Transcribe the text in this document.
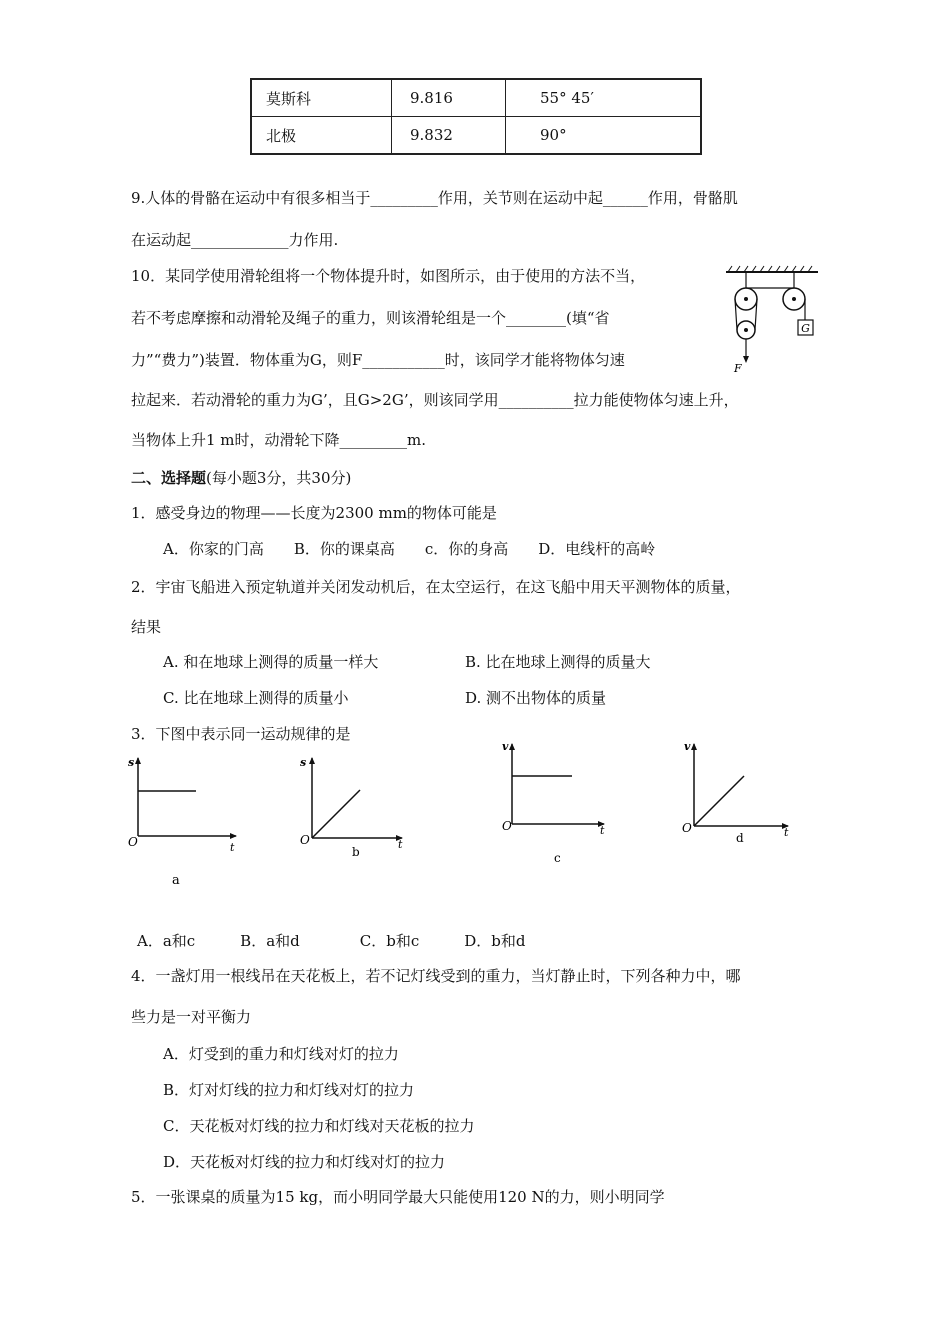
莫斯科	9.816	55° 45′
北极	9.832	90°
9.人体的骨骼在运动中有很多相当于_________作用，关节则在运动中起______作用，骨骼肌
在运动起_____________力作用.
10．某同学使用滑轮组将一个物体提升时，如图所示，由于使用的方法不当，
若不考虑摩擦和动滑轮及绳子的重力，则该滑轮组是一个________(填“省
力”“费力”)装置．物体重为G，则F___________时，该同学才能将物体匀速
拉起来．若动滑轮的重力为G’，且G>2G’，则该同学用__________拉力能使物体匀速上升，
当物体上升1 m时，动滑轮下降_________m.
G
F
二、选择题(每小题3分，共30分)
1．感受身边的物理——长度为2300 mm的物体可能是
A．你家的门高　　B．你的课桌高　　c．你的身高　　D．电线杆的高岭
2．宇宙飞船进入预定轨道并关闭发动机后，在太空运行，在这飞船中用天平测物体的质量，
结果
A. 和在地球上测得的质量一样大	B. 比在地球上测得的质量大
C. 比在地球上测得的质量小	D. 测不出物体的质量
3．下图中表示同一运动规律的是
s
t
O
a
s
t
O
b
v
t
O
c
v
t
O
d
A．a和c　　　B．a和d　　　　C．b和c　　　D．b和d
4．一盏灯用一根线吊在天花板上，若不记灯线受到的重力，当灯静止时，下列各种力中，哪
些力是一对平衡力
A．灯受到的重力和灯线对灯的拉力
B．灯对灯线的拉力和灯线对灯的拉力
C．天花板对灯线的拉力和灯线对天花板的拉力
D．天花板对灯线的拉力和灯线对灯的拉力
5．一张课桌的质量为15 kg，而小明同学最大只能使用120 N的力，则小明同学
